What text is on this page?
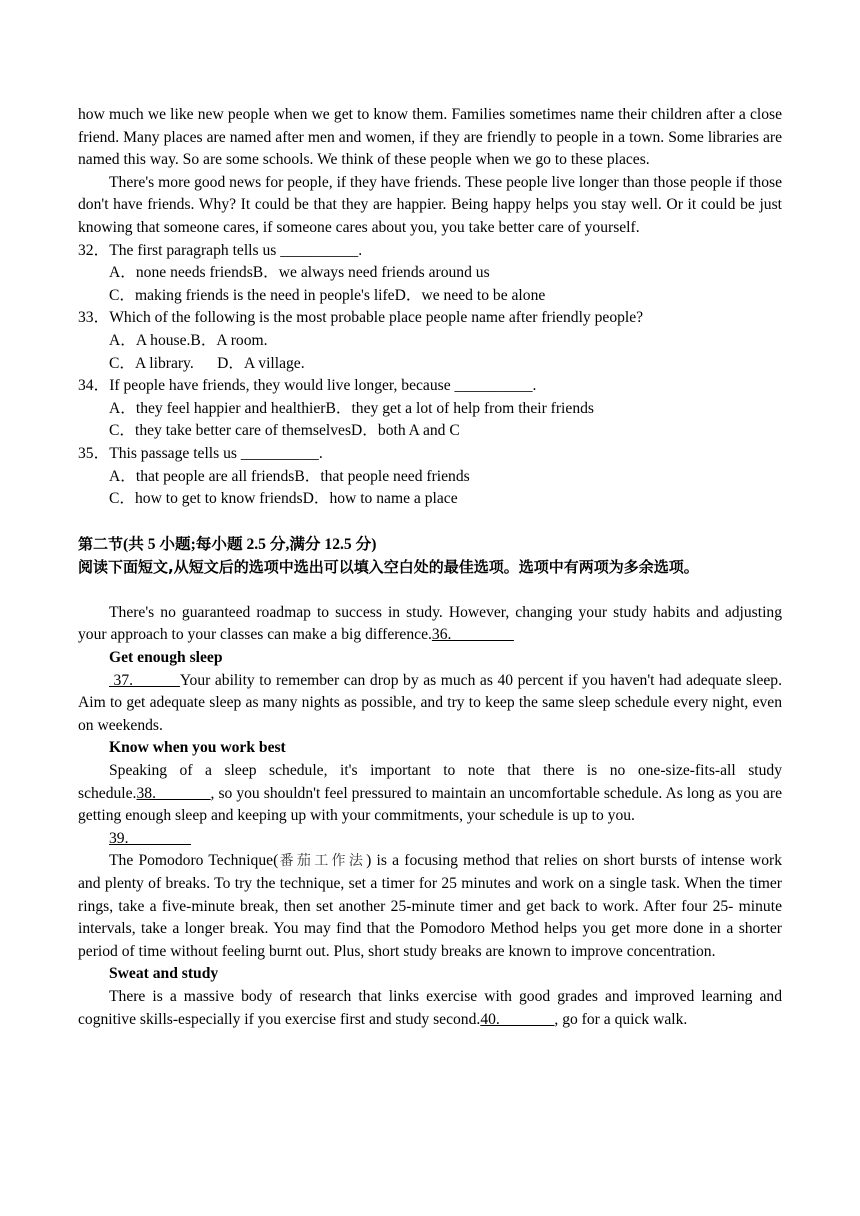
how much we like new people when we get to know them. Families sometimes name their children after a close friend. Many places are named after men and women, if they are friendly to people in a town. Some libraries are named this way. So are some schools. We think of these people when we go to these places.

There's more good news for people, if they have friends. These people live longer than those people if those don't have friends. Why? It could be that they are happier. Being happy helps you stay well. Or it could be just knowing that someone cares, if someone cares about you, you take better care of yourself.

32．The first paragraph tells us __________.

A．none needs friendsB．we always need friends around us

C．making friends is the need in people's lifeD．we need to be alone

33．Which of the following is the most probable place people name after friendly people?

A．A house.B．A room.

C．A library.      D．A village.

34．If people have friends, they would live longer, because __________.

A．they feel happier and healthierB．they get a lot of help from their friends

C．they take better care of themselvesD．both A and C

35．This passage tells us __________.

A．that people are all friendsB．that people need friends

C．how to get to know friendsD．how to name a place

第二节(共 5 小题;每小题 2.5 分,满分 12.5 分)

阅读下面短文,从短文后的选项中选出可以填入空白处的最佳选项。选项中有两项为多余选项。

There's no guaranteed roadmap to success in study. However, changing your study habits and adjusting your approach to your classes can make a big difference.36.________

Get enough sleep

37.______Your ability to remember can drop by as much as 40 percent if you haven't had adequate sleep. Aim to get adequate sleep as many nights as possible, and try to keep the same sleep schedule every night, even on weekends.

Know when you work best

Speaking of a sleep schedule, it's important to note that there is no one-size-fits-all study schedule.38._______, so you shouldn't feel pressured to maintain an uncomfortable schedule. As long as you are getting enough sleep and keeping up with your commitments, your schedule is up to you.

39.________

The Pomodoro Technique(番茄工作法) is a focusing method that relies on short bursts of intense work and plenty of breaks. To try the technique, set a timer for 25 minutes and work on a single task. When the timer rings, take a five-minute break, then set another 25-minute timer and get back to work. After four 25- minute intervals, take a longer break. You may find that the Pomodoro Method helps you get more done in a shorter period of time without feeling burnt out. Plus, short study breaks are known to improve concentration.

Sweat and study

There is a massive body of research that links exercise with good grades and improved learning and cognitive skills-especially if you exercise first and study second.40._______, go for a quick walk.
